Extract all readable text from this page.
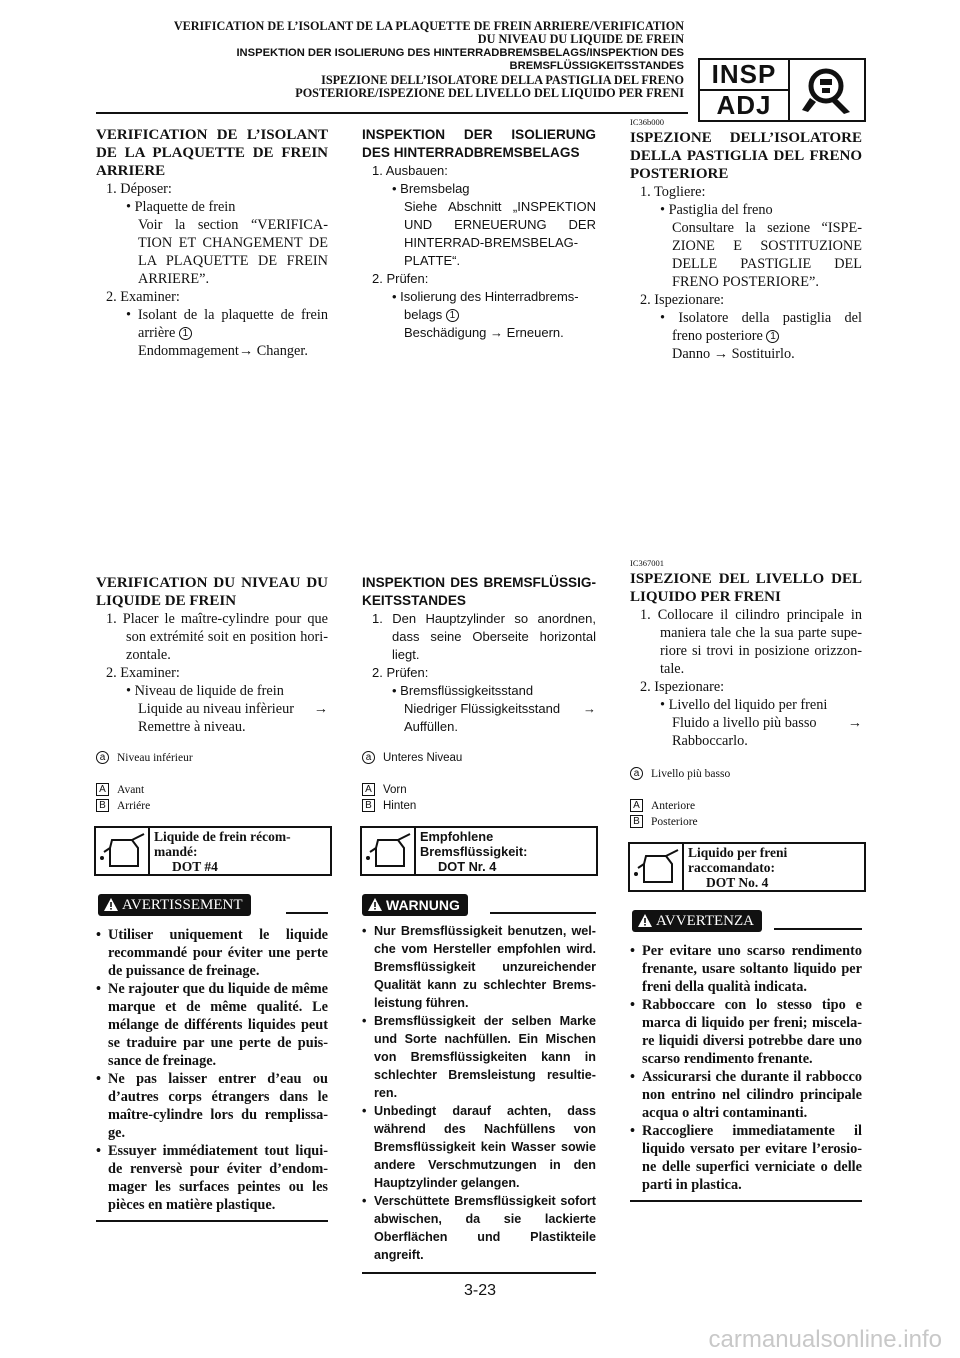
VERIFICATION DE L’ISOLANT DE LA PLAQUETTE DE FREIN ARRIERE/VERIFICATION
DU NIVEAU DU LIQUIDE DE FREIN
INSPEKTION DER ISOLIERUNG DES HINTERRADBREMSBELAGS/INSPEKTION DES
BREMSFLÜSSIGKEITSSTANDES
ISPEZIONE DELL’ISOLATORE DELLA PASTIGLIA DEL FRENO
POSTERIORE/ISPEZIONE DEL LIVELLO DEL LIQUIDO PER FRENI
INSP
ADJ
VERIFICATION DE L’ISOLANT
DE LA PLAQUETTE DE FREIN
ARRIERE
1. Déposer:
• Plaquette de frein
Voir la section “VERIFICA-
TION ET CHANGEMENT DE
LA PLAQUETTE DE FREIN
ARRIERE”.
2. Examiner:
• Isolant de la plaquette de frein
arrière 1
Endommagement→ Changer.
INSPEKTION DER ISOLIERUNG
DES HINTERRADBREMSBELAGS
1. Ausbauen:
• Bremsbelag
Siehe Abschnitt „INSPEKTION
UND ERNEUERUNG DER
HINTERRAD-BREMSBELAG-
PLATTE“.
2. Prüfen:
• Isolierung des Hinterradbrems-
belags 1
Beschädigung → Erneuern.
IC36b000
ISPEZIONE DELL’ISOLATORE
DELLA PASTIGLIA DEL FRENO
POSTERIORE
1. Togliere:
• Pastiglia del freno
Consultare la sezione “ISPE-
ZIONE E SOSTITUZIONE
DELLE PASTIGLIE DEL
FRENO POSTERIORE”.
2. Ispezionare:
• Isolatore della pastiglia del
freno posteriore 1
Danno → Sostituirlo.
VERIFICATION DU NIVEAU DU
LIQUIDE DE FREIN
1. Placer le maître-cylindre pour que
son extrémité soit en position hori-
zontale.
2. Examiner:
• Niveau de liquide de frein
Liquide au niveau infèrieur →
Remettre à niveau.
a Niveau inférieur
A Avant
B Arriére
Liquide de frein récom-
mandé:
DOT #4
AVERTISSEMENT
• Utiliser uniquement le liquide recommandé pour éviter une perte de puissance de freinage.
• Ne rajouter que du liquide de même marque et de même qualité. Le mélange de différents liquides peut se traduire par une perte de puis-sance de freinage.
• Ne pas laisser entrer d’eau ou d’autres corps étrangers dans le maître-cylindre lors du remplissa-ge.
• Essuyer immédiatement tout liqui-de renversè pour éviter d’endom-mager les surfaces peintes ou les pièces en matière plastique.
INSPEKTION DES BREMSFLÜSSIG-
KEITSSTANDES
1. Den Hauptzylinder so anordnen,
dass seine Oberseite horizontal
liegt.
2. Prüfen:
• Bremsflüssigkeitsstand
Niedriger Flüssigkeitsstand →
Auffüllen.
a Unteres Niveau
A Vorn
B Hinten
Empfohlene
Bremsflüssigkeit:
DOT Nr. 4
WARNUNG
• Nur Bremsflüssigkeit benutzen, wel-che vom Hersteller empfohlen wird. Bremsflüssigkeit unzureichender Qualität kann zu schlechter Brems-leistung führen.
• Bremsflüssigkeit der selben Marke und Sorte nachfüllen. Ein Mischen von Bremsflüssigkeiten kann in schlechter Bremsleistung resultie-ren.
• Unbedingt darauf achten, dass während des Nachfüllens von Bremsflüssigkeit kein Wasser sowie andere Verschmutzungen in den Hauptzylinder gelangen.
• Verschüttete Bremsflüssigkeit sofort abwischen, da sie lackierte Oberflächen und Plastikteile angreift.
IC367001
ISPEZIONE DEL LIVELLO DEL
LIQUIDO PER FRENI
1. Collocare il cilindro principale in
maniera tale che la sua parte supe-
riore si trovi in posizione orizzon-
tale.
2. Ispezionare:
• Livello del liquido per freni
Fluido a livello più basso →
Rabboccarlo.
a Livello più basso
A Anteriore
B Posteriore
Liquido per freni
raccomandato:
DOT No. 4
AVVERTENZA
• Per evitare uno scarso rendimento frenante, usare soltanto liquido per freni della qualità indicata.
• Rabboccare con lo stesso tipo e marca di liquido per freni; miscela-re liquidi diversi potrebbe dare uno scarso rendimento frenante.
• Assicurarsi che durante il rabbocco non entrino nel cilindro principale acqua o altri contaminanti.
• Raccogliere immediatamente il liquido versato per evitare l’erosio-ne delle superfici verniciate o delle parti in plastica.
3-23
carmanualsonline.info
